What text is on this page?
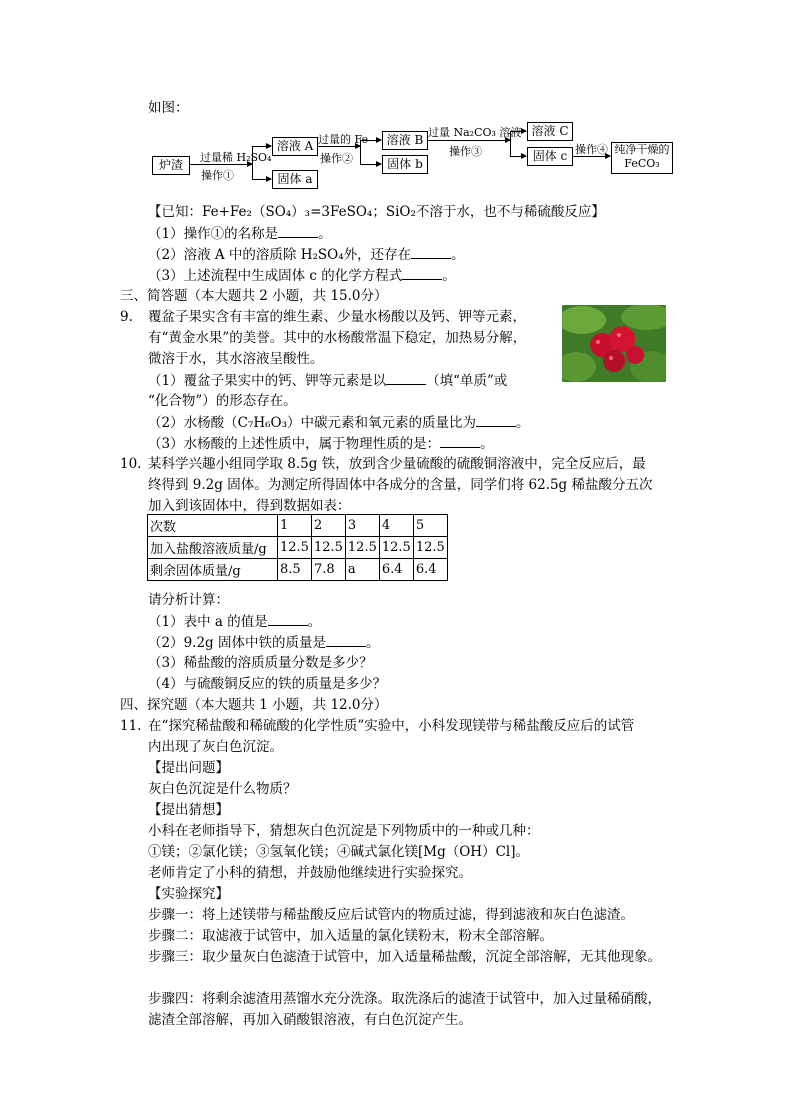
如图：
炉渣
过量稀 H₂SO₄
操作①
溶液 A
固体 a
过量的 Fe
操作②
溶液 B
固体 b
过量 Na₂CO₃ 溶液
操作③
溶液 C
固体 c 操作④ 纯净干燥的
FeCO₃
【已知：Fe+Fe₂（SO₄）₃=3FeSO₄；SiO₂不溶于水，也不与稀硫酸反应】
（1）操作①的名称是	。
（2）溶液 A 中的溶质除 H₂SO₄外，还存在	。
（3）上述流程中生成固体 c 的化学方程式	。
三、简答题（本大题共 2 小题，共 15.0分）
9. 覆盆子果实含有丰富的维生素、少量水杨酸以及钙、钾等元素，
有“黄金水果”的美誉。其中的水杨酸常温下稳定，加热易分解，
微溶于水，其水溶液呈酸性。
（1）覆盆子果实中的钙、钾等元素是以	（填“单质”或
“化合物”）的形态存在。
（2）水杨酸（C₇H₆O₃）中碳元素和氧元素的质量比为	。
（3）水杨酸的上述性质中，属于物理性质的是：	。
10. 某科学兴趣小组同学取 8.5g 铁，放到含少量硫酸的硫酸铜溶液中，完全反应后，最
终得到 9.2g 固体。为测定所得固体中各成分的含量，同学们将 62.5g 稀盐酸分五次
加入到该固体中，得到数据如表：
次数	1	2	3	4	5
加入盐酸溶液质量/g	12.5	12.5	12.5	12.5	12.5
剩余固体质量/g	8.5	7.8	a	6.4	6.4
请分析计算：
（1）表中 a 的值是	。
（2）9.2g 固体中铁的质量是	。
（3）稀盐酸的溶质质量分数是多少？
（4）与硫酸铜反应的铁的质量是多少？
四、探究题（本大题共 1 小题，共 12.0分）
11. 在“探究稀盐酸和稀硫酸的化学性质”实验中，小科发现镁带与稀盐酸反应后的试管
内出现了灰白色沉淀。
【提出问题】
灰白色沉淀是什么物质？
【提出猜想】
小科在老师指导下，猜想灰白色沉淀是下列物质中的一种或几种：
①镁；②氯化镁；③氢氧化镁；④碱式氯化镁[Mg（OH）Cl]。
老师肯定了小科的猜想，并鼓励他继续进行实验探究。
【实验探究】
步骤一：将上述镁带与稀盐酸反应后试管内的物质过滤，得到滤液和灰白色滤渣。
步骤二：取滤液于试管中，加入适量的氯化镁粉末，粉末全部溶解。
步骤三：取少量灰白色滤渣于试管中，加入适量稀盐酸，沉淀全部溶解，无其他现象。
步骤四：将剩余滤渣用蒸馏水充分洗涤。取洗涤后的滤渣于试管中，加入过量稀硝酸，
滤渣全部溶解，再加入硝酸银溶液，有白色沉淀产生。
